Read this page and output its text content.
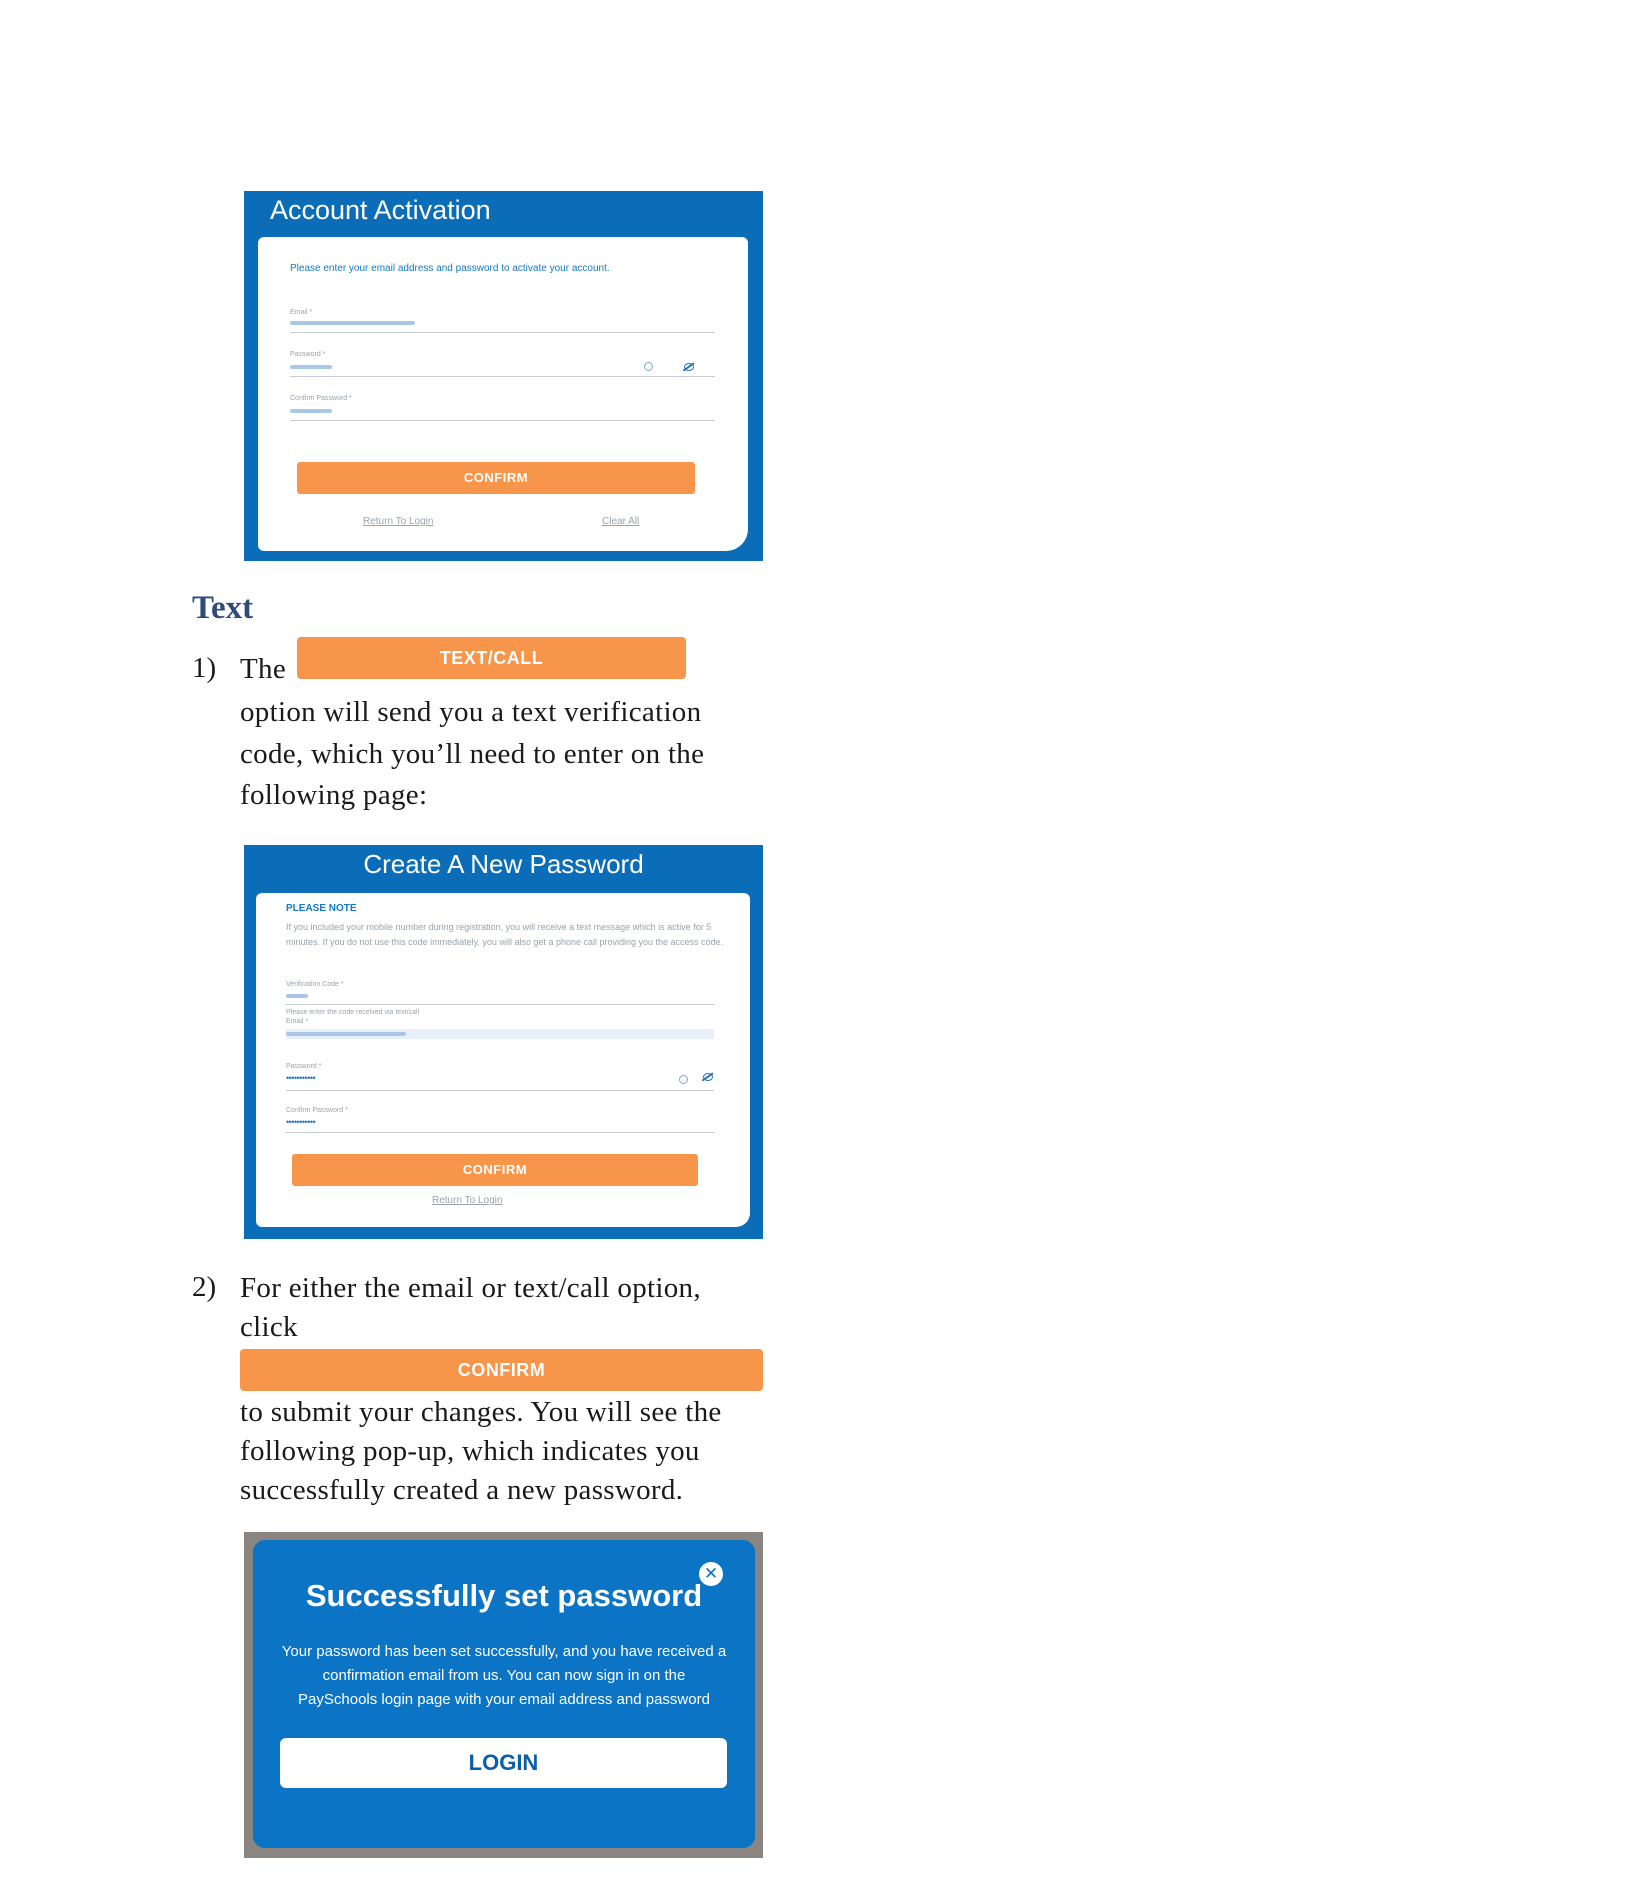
Account Activation
Please enter your email address and password to activate your account.
Email *
Password *
Confirm Password *
CONFIRM
Return To Login	Clear All
Text
1) The	TEXT/CALL
option will send you a text verification
code, which you’ll need to enter on the
following page:
Create A New Password
PLEASE NOTE
If you included your mobile number during registration, you will receive a text message which is active for 5 minutes. If you do not use this code immediately, you will also get a phone call providing you the access code.
Verification Code *
Please enter the code received via text/call
Email *
Password *
•••••••••••
Confirm Password *
•••••••••••
CONFIRM
Return To Login
2) For either the email or text/call option,
click
CONFIRM
to submit your changes. You will see the
following pop-up, which indicates you
successfully created a new password.
✕
Successfully set password
Your password has been set successfully, and you have received a
confirmation email from us. You can now sign in on the
PaySchools login page with your email address and password
LOGIN
